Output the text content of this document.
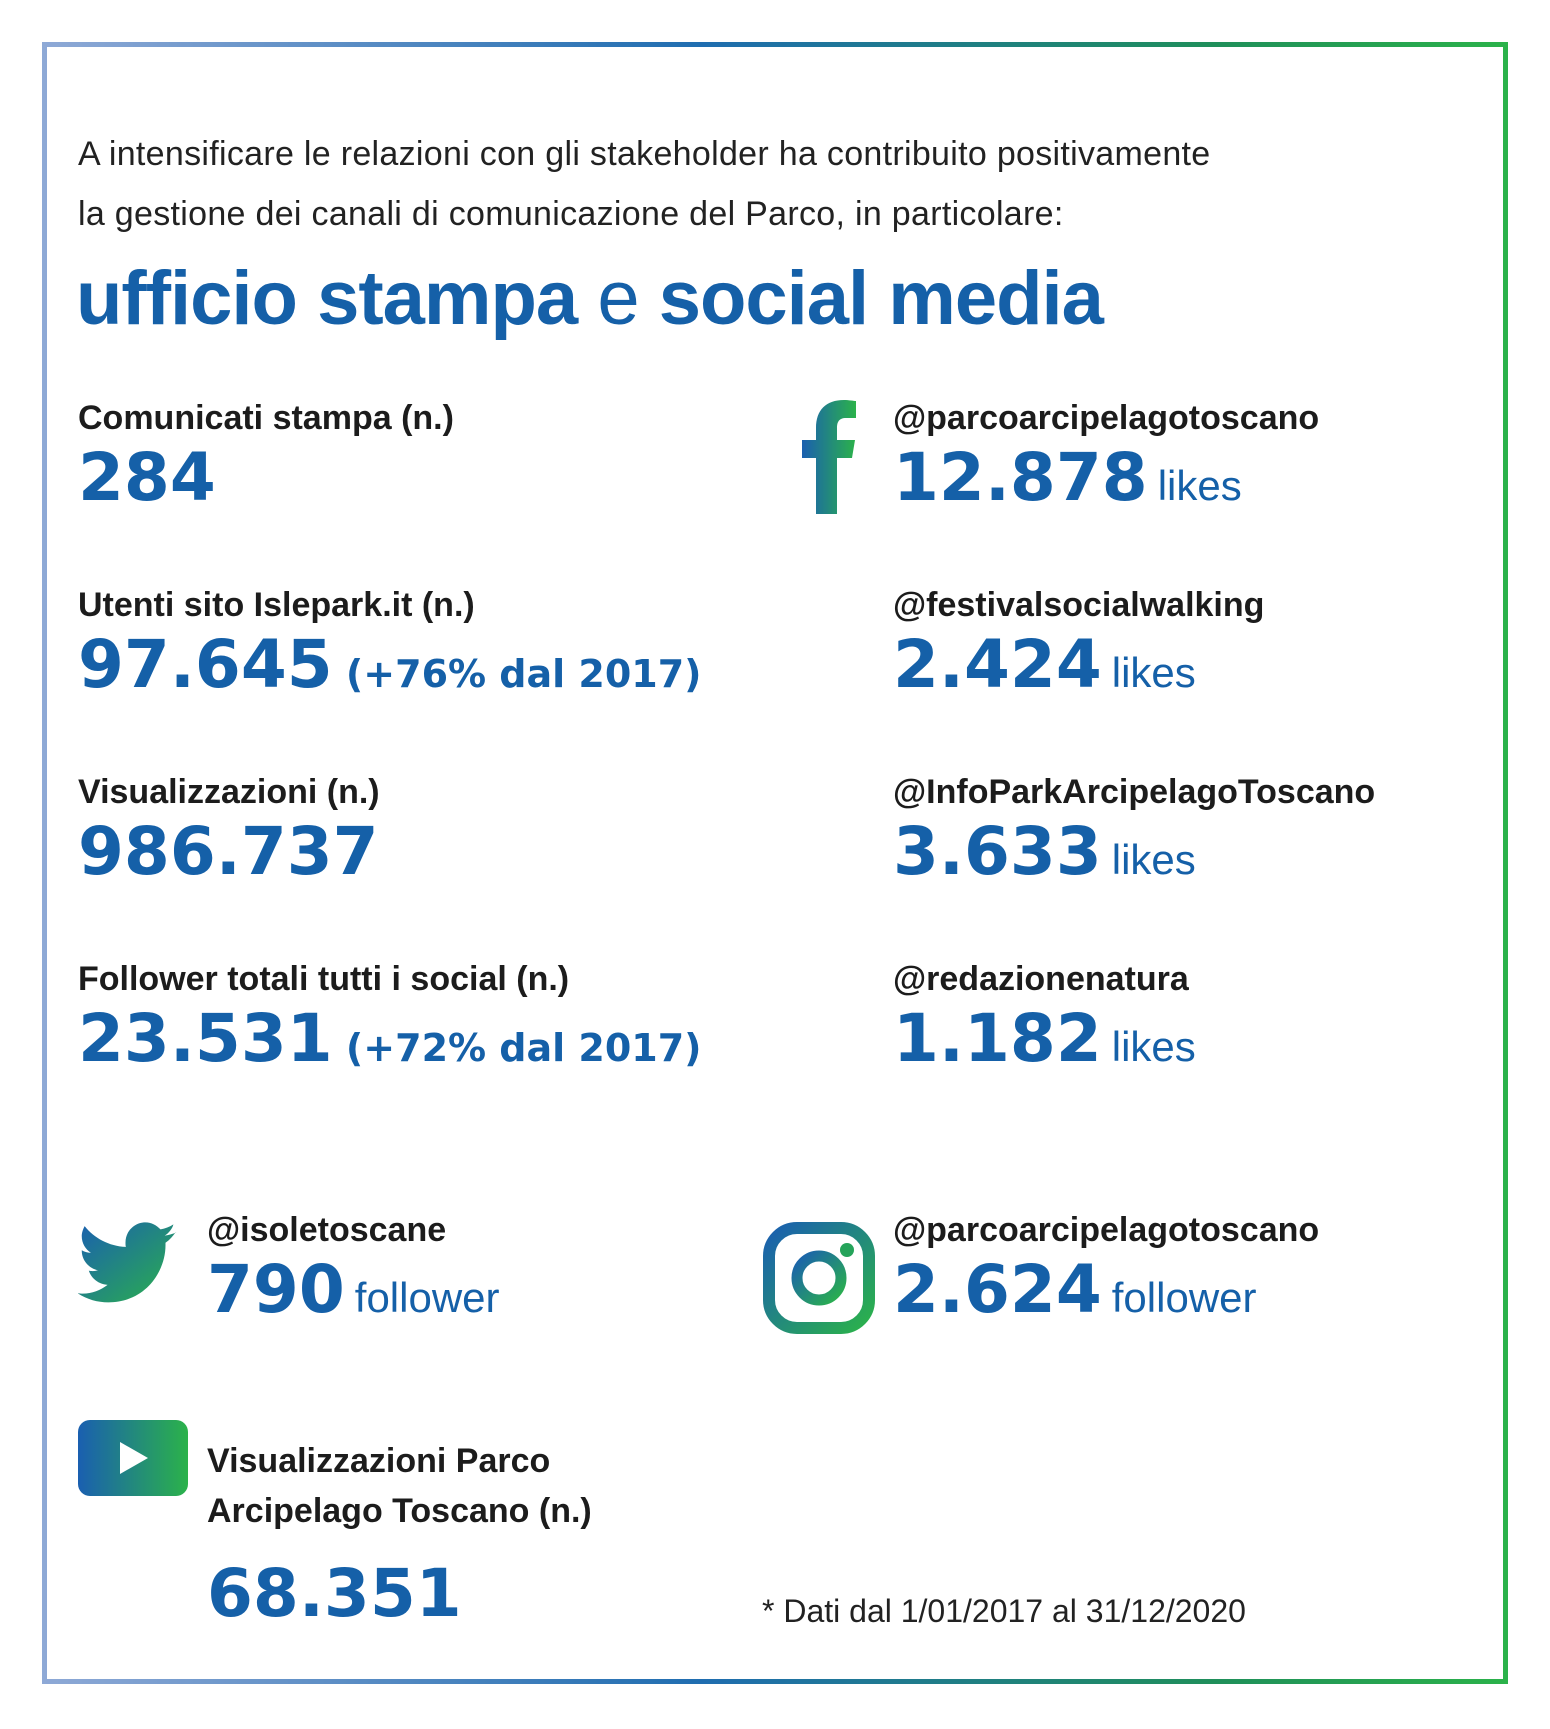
A intensificare le relazioni con gli stakeholder ha contribuito positivamente
la gestione dei canali di comunicazione del Parco, in particolare:
ufficio stampa e social media
Comunicati stampa (n.)
284
Utenti sito Islepark.it (n.)
97.645 (+76% dal 2017)
Visualizzazioni (n.)
986.737
Follower totali tutti i social (n.)
23.531 (+72% dal 2017)
@parcoarcipelagotoscano
12.878 likes
@festivalsocialwalking
2.424 likes
@InfoParkArcipelagoToscano
3.633 likes
@redazionenatura
1.182 likes
@isoletoscane
790 follower
@parcoarcipelagotoscano
2.624 follower
Visualizzazioni Parco
Arcipelago Toscano (n.)
68.351	* Dati dal 1/01/2017 al 31/12/2020
